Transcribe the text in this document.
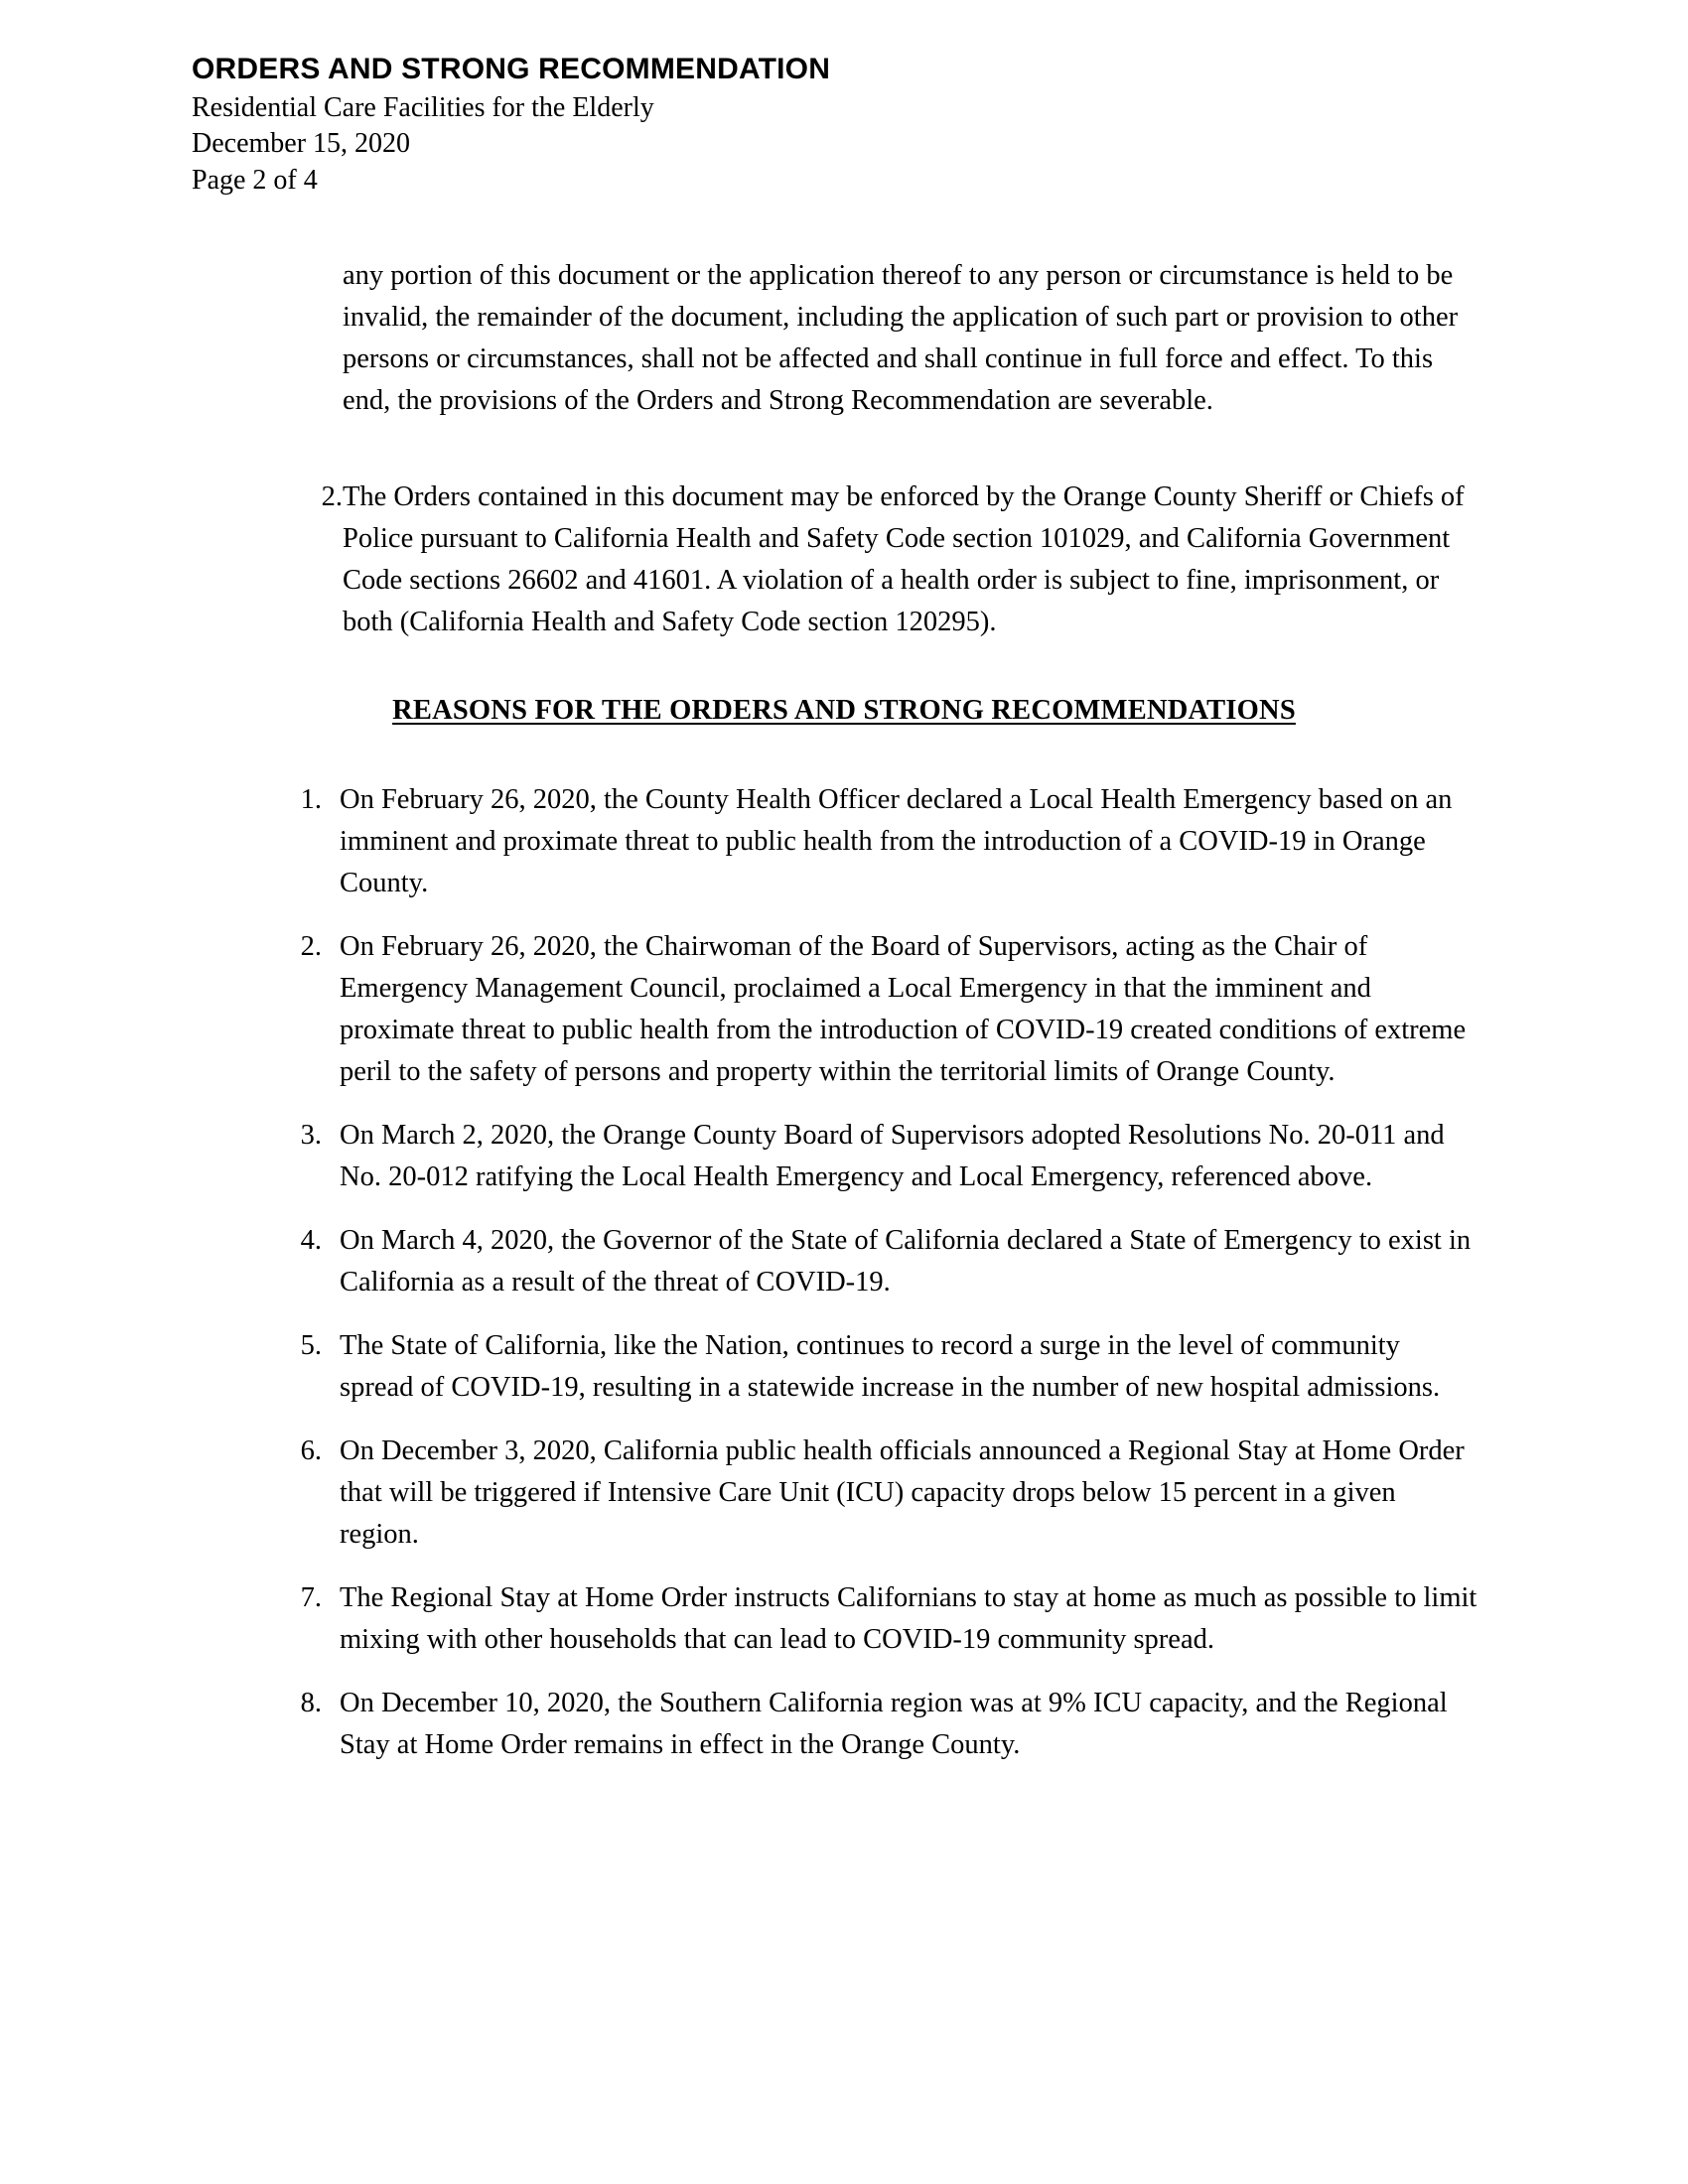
ORDERS AND STRONG RECOMMENDATION
Residential Care Facilities for the Elderly
December 15, 2020
Page 2 of 4
any portion of this document or the application thereof to any person or circumstance is held to be invalid, the remainder of the document, including the application of such part or provision to other persons or circumstances, shall not be affected and shall continue in full force and effect. To this end, the provisions of the Orders and Strong Recommendation are severable.
2. The Orders contained in this document may be enforced by the Orange County Sheriff or Chiefs of Police pursuant to California Health and Safety Code section 101029, and California Government Code sections 26602 and 41601. A violation of a health order is subject to fine, imprisonment, or both (California Health and Safety Code section 120295).
REASONS FOR THE ORDERS AND STRONG RECOMMENDATIONS
1. On February 26, 2020, the County Health Officer declared a Local Health Emergency based on an imminent and proximate threat to public health from the introduction of a COVID-19 in Orange County.
2. On February 26, 2020, the Chairwoman of the Board of Supervisors, acting as the Chair of Emergency Management Council, proclaimed a Local Emergency in that the imminent and proximate threat to public health from the introduction of COVID-19 created conditions of extreme peril to the safety of persons and property within the territorial limits of Orange County.
3. On March 2, 2020, the Orange County Board of Supervisors adopted Resolutions No. 20-011 and No. 20-012 ratifying the Local Health Emergency and Local Emergency, referenced above.
4. On March 4, 2020, the Governor of the State of California declared a State of Emergency to exist in California as a result of the threat of COVID-19.
5. The State of California, like the Nation, continues to record a surge in the level of community spread of COVID-19, resulting in a statewide increase in the number of new hospital admissions.
6. On December 3, 2020, California public health officials announced a Regional Stay at Home Order that will be triggered if Intensive Care Unit (ICU) capacity drops below 15 percent in a given region.
7. The Regional Stay at Home Order instructs Californians to stay at home as much as possible to limit mixing with other households that can lead to COVID-19 community spread.
8. On December 10, 2020, the Southern California region was at 9% ICU capacity, and the Regional Stay at Home Order remains in effect in the Orange County.
